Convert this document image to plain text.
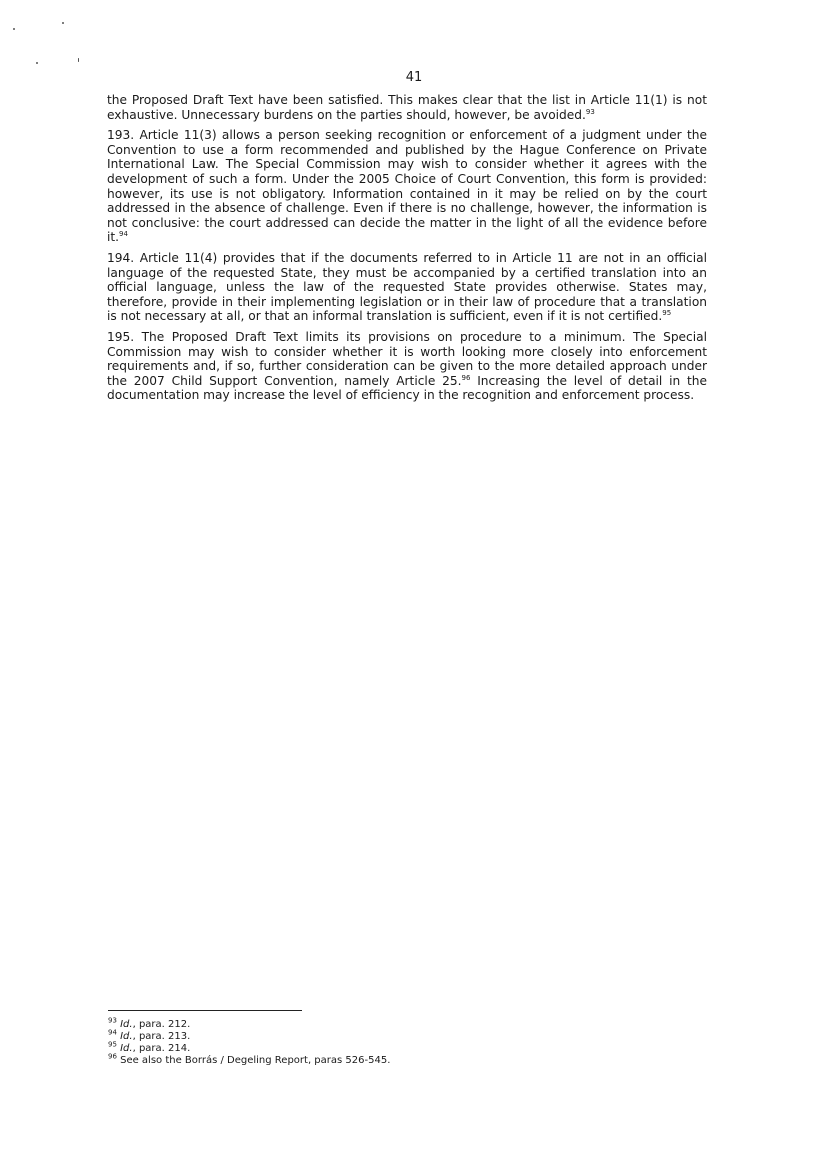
41

the Proposed Draft Text have been satisfied. This makes clear that the list in Article 11(1) is not exhaustive. Unnecessary burdens on the parties should, however, be avoided.$^{93}$

193. Article 11(3) allows a person seeking recognition or enforcement of a judgment under the Convention to use a form recommended and published by the Hague Conference on Private International Law. The Special Commission may wish to consider whether it agrees with the development of such a form. Under the 2005 Choice of Court Convention, this form is provided: however, its use is not obligatory. Information contained in it may be relied on by the court addressed in the absence of challenge. Even if there is no challenge, however, the information is not conclusive: the court addressed can decide the matter in the light of all the evidence before it.$^{94}$

194. Article 11(4) provides that if the documents referred to in Article 11 are not in an official language of the requested State, they must be accompanied by a certified translation into an official language, unless the law of the requested State provides otherwise. States may, therefore, provide in their implementing legislation or in their law of procedure that a translation is not necessary at all, or that an informal translation is sufficient, even if it is not certified.$^{95}$

195. The Proposed Draft Text limits its provisions on procedure to a minimum. The Special Commission may wish to consider whether it is worth looking more closely into enforcement requirements and, if so, further consideration can be given to the more detailed approach under the 2007 Child Support Convention, namely Article 25.96 Increasing the level of detail in the documentation may increase the level of efficiency in the recognition and enforcement process.

$^{93}$ Id., para. 212.

$^{94}$ Id., para. 213.

$^{95}$ Id., para. 214.

$^{96}$ See also the Borrás / Degeling Report, paras 526-545.
